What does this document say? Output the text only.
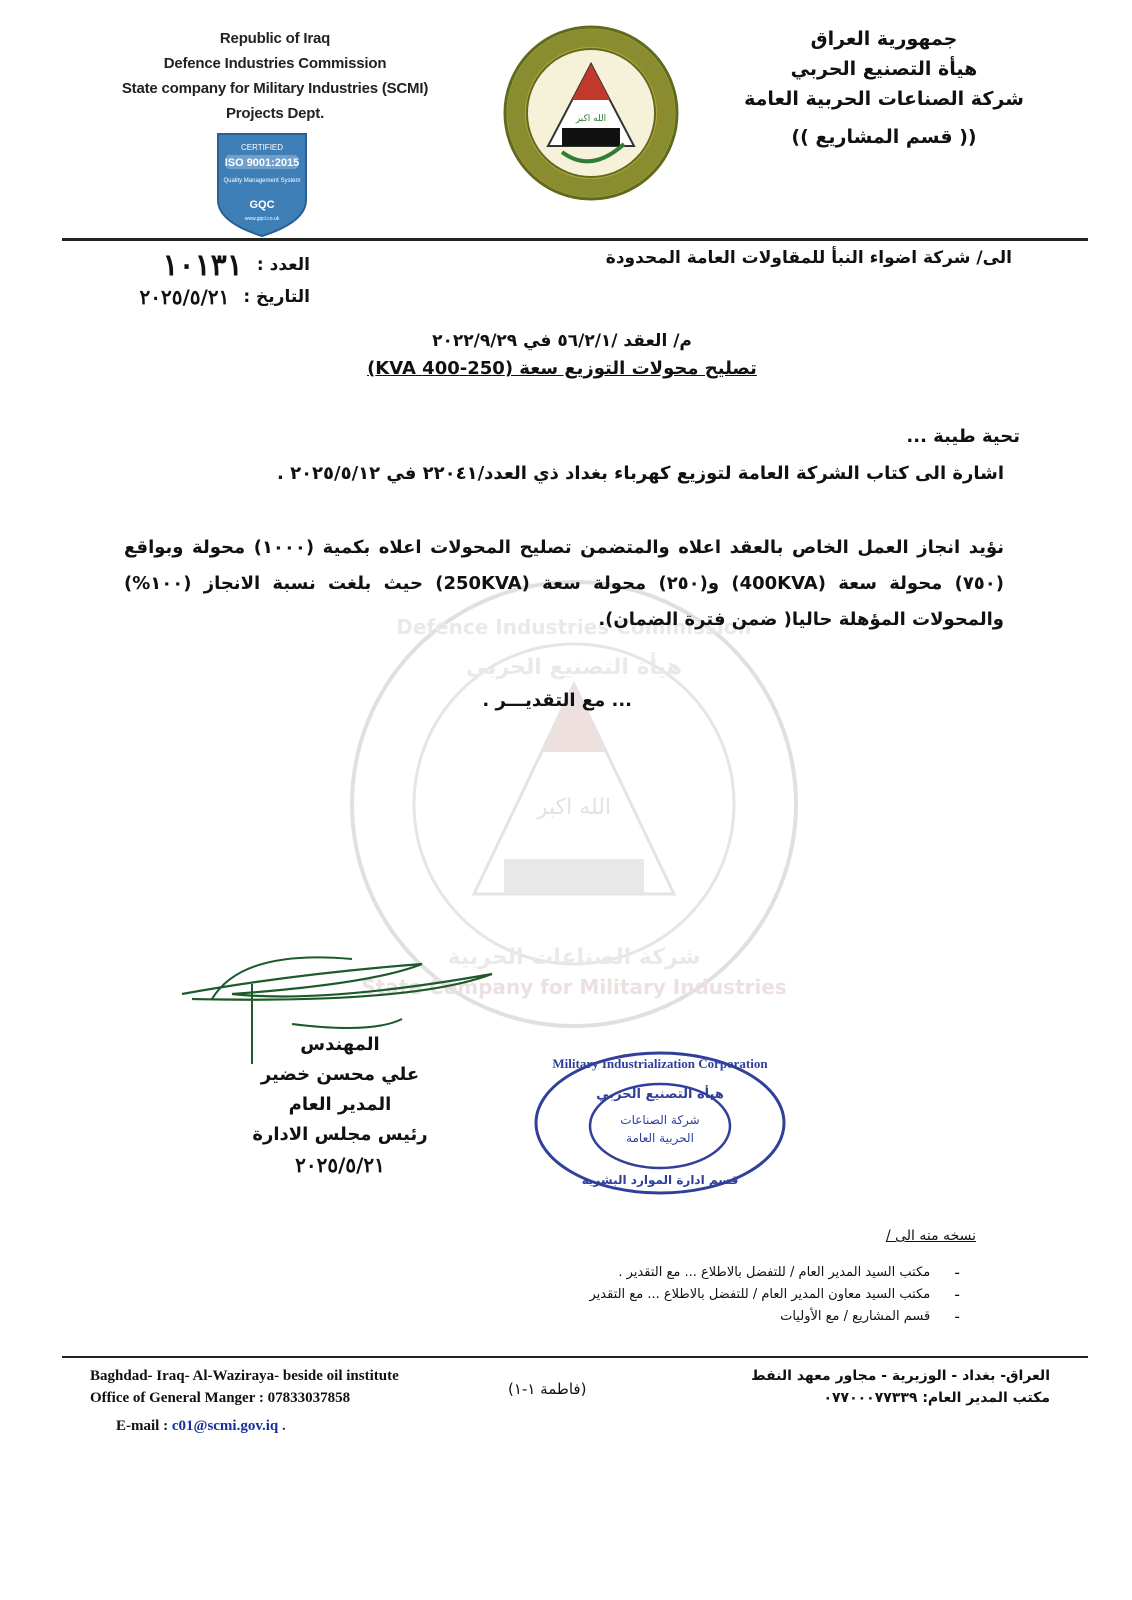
Republic of Iraq
Defence Industries Commission
State company for Military Industries (SCMI)
Projects Dept.
CERTIFIED
ISO 9001:2015
Quality Management System
GQC
www.gqcl.co.uk
الله اكبر
جمهورية العراق
هيأة التصنيع الحربي
شركة الصناعات الحربية العامة
(( قسم المشاريع ))
الله اكبر
Defence Industries Commission
State Company for Military Industries
هيأة التصنيع الحربي
شركة الصناعات الحربية
الى/ شركة اضواء النبأ للمقاولات العامة المحدودة
العدد :
١٠١٣١
التاريخ :
٢٠٢٥/٥/٢١
م/ العقد /٥٦/٢/١ في ٢٠٢٢/٩/٢٩
تصليح محولات التوزيع سعة (250-400 KVA)
تحية طيبة ...
اشارة الى كتاب الشركة العامة لتوزيع كهرباء بغداد ذي العدد/٢٢٠٤١ في ٢٠٢٥/٥/١٢ .
نؤيد انجاز العمل الخاص بالعقد اعلاه والمتضمن تصليح المحولات اعلاه بكمية (١٠٠٠) محولة وبواقع (٧٥٠) محولة سعة (400KVA) و(٢٥٠) محولة سعة (250KVA) حيث بلغت نسبة الانجاز (١٠٠%) والمحولات المؤهلة حاليا( ضمن فترة الضمان).
... مع التقديـــر .
المهندس
علي محسن خضير
المدير العام
رئيس مجلس الادارة
٢٠٢٥/٥/٢١
Military Industrialization Corporation
هيأة التصنيع الحربي
شركة الصناعات
الحربية العامة
قسم ادارة الموارد البشرية
نسخه منه الى /
-
مكتب السيد المدير العام / للتفضل بالاطلاع ... مع التقدير .
-
مكتب السيد معاون المدير العام / للتفضل بالاطلاع ... مع التقدير
-
قسم المشاريع / مع الأوليات
Baghdad- Iraq- Al-Waziraya- beside oil institute
Office of General Manger : 07833037858
E-mail : c01@scmi.gov.iq .
(فاطمة ١-١)
العراق- بغداد - الوزيرية - مجاور معهد النفط
مكتب المدير العام: ٠٧٧٠٠٠٧٧٣٣٩
